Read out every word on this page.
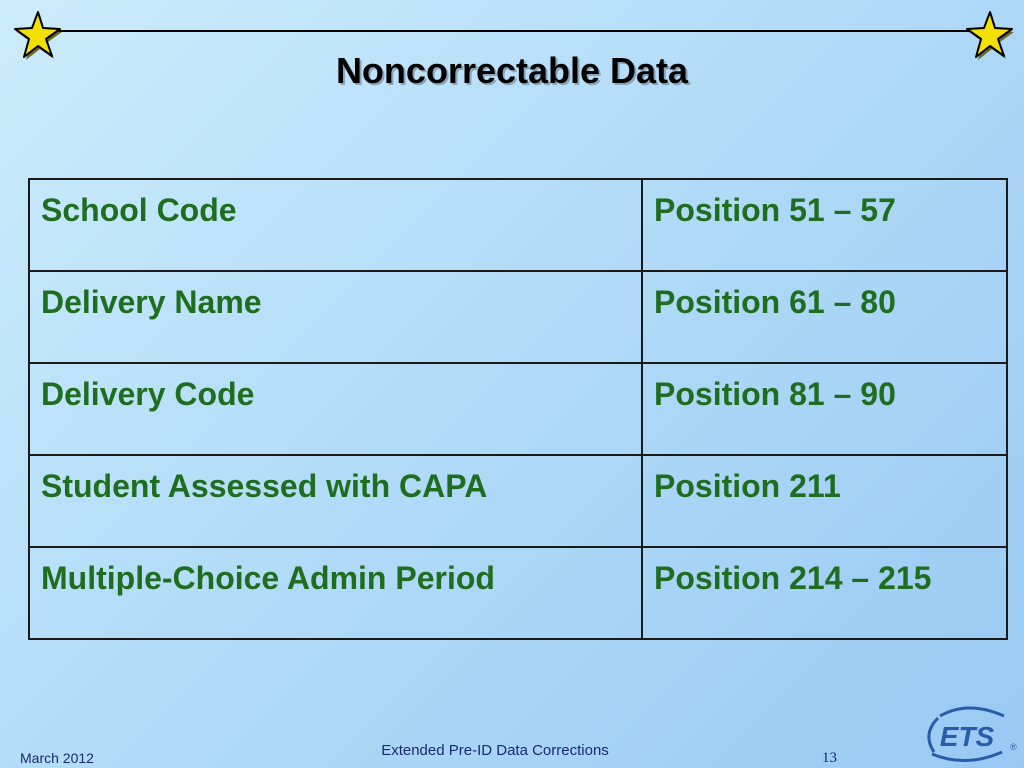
Noncorrectable Data
School Code	Position 51 – 57
Delivery Name	Position 61 – 80
Delivery Code	Position 81 – 90
Student Assessed with CAPA	Position 211
Multiple-Choice Admin Period	Position 214 – 215
March 2012	Extended Pre-ID Data Corrections	13
ETS ®
